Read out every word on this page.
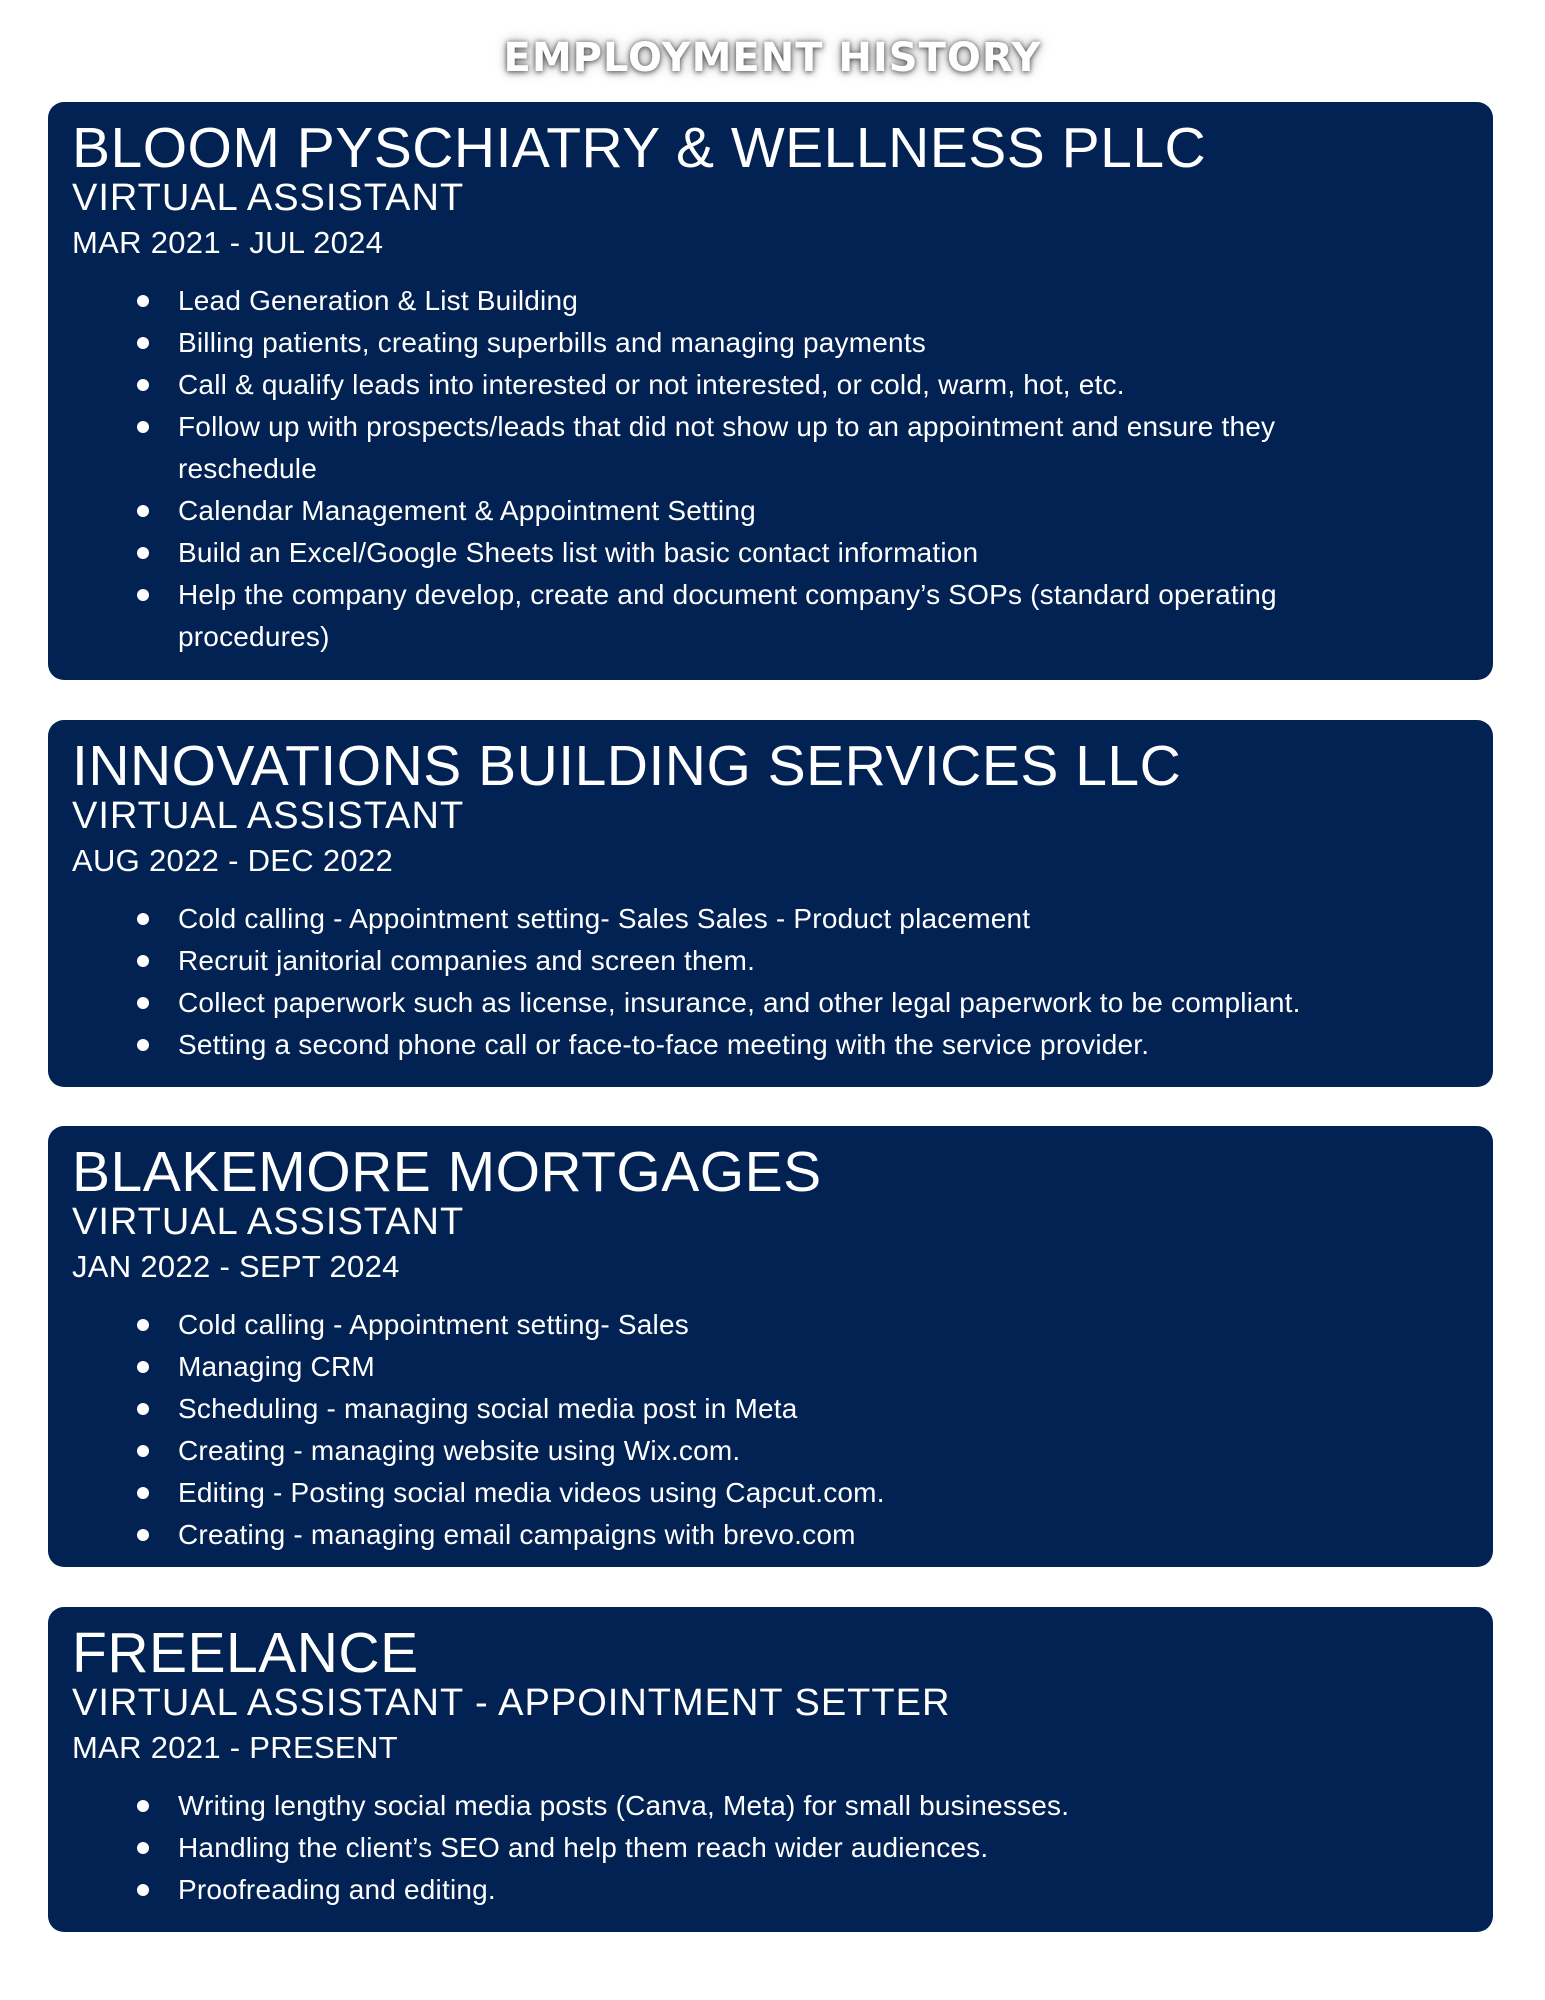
EMPLOYMENT HISTORY
BLOOM PYSCHIATRY & WELLNESS PLLC
VIRTUAL ASSISTANT
MAR 2021 - JUL 2024
Lead Generation & List Building
Billing patients, creating superbills and managing payments
Call & qualify leads into interested or not interested, or cold, warm, hot, etc.
Follow up with prospects/leads that did not show up to an appointment and ensure they reschedule
Calendar Management & Appointment Setting
Build an Excel/Google Sheets list with basic contact information
Help the company develop, create and document company’s SOPs (standard operating procedures)
INNOVATIONS BUILDING SERVICES LLC
VIRTUAL ASSISTANT
AUG 2022 - DEC 2022
Cold calling - Appointment setting- Sales Sales - Product placement
Recruit janitorial companies and screen them.
Collect paperwork such as license, insurance, and other legal paperwork to be compliant.
Setting a second phone call or face-to-face meeting with the service provider.
BLAKEMORE MORTGAGES
VIRTUAL ASSISTANT
JAN 2022 - SEPT 2024
Cold calling - Appointment setting- Sales
Managing CRM
Scheduling - managing social media post in Meta
Creating - managing website using Wix.com.
Editing - Posting social media videos using Capcut.com.
Creating - managing email campaigns with brevo.com
FREELANCE
VIRTUAL ASSISTANT - APPOINTMENT SETTER
MAR 2021 - PRESENT
Writing lengthy social media posts (Canva, Meta) for small businesses.
Handling the client’s SEO and help them reach wider audiences.
Proofreading and editing.
